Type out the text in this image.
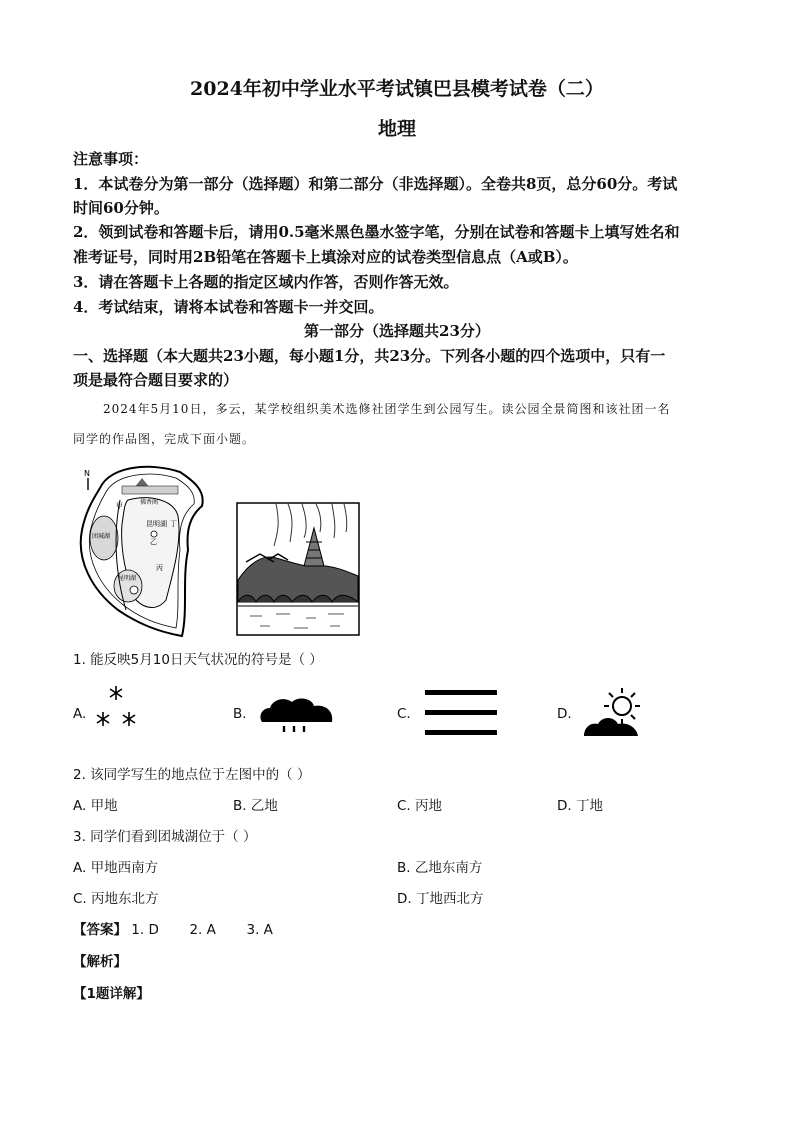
2024年初中学业水平考试镇巴县模考试卷（二）
地理
注意事项：
1．本试卷分为第一部分（选择题）和第二部分（非选择题）。全卷共8页，总分60分。考试
时间60分钟。
2．领到试卷和答题卡后，请用0.5毫米黑色墨水签字笔，分别在试卷和答题卡上填写姓名和
准考证号，同时用2B铅笔在答题卡上填涂对应的试卷类型信息点（A或B）。
3．请在答题卡上各题的指定区域内作答，否则作答无效。
4．考试结束，请将本试卷和答题卡一并交回。
第一部分（选择题共23分）
一、选择题（本大题共23小题，每小题1分，共23分。下列各小题的四个选项中，只有一
项是最符合题目要求的）
2024年5月10日，多云，某学校组织美术选修社团学生到公园写生。读公园全景简图和该社团一名
同学的作品图，完成下面小题。
N
甲	佛香阁
丁
昆明湖
团城湖
乙
丙
昆明湖
1. 能反映5月10日天气状况的符号是（ ）
A.	B.	C.	D.
2. 该同学写生的地点位于左图中的（ ）
A. 甲地	B. 乙地	C. 丙地	D. 丁地
3. 同学们看到团城湖位于（ ）
A. 甲地西南方	B. 乙地东南方
C. 丙地东北方	D. 丁地西北方
【答案】 1. D 2. A 3. A
【解析】
【1题详解】
